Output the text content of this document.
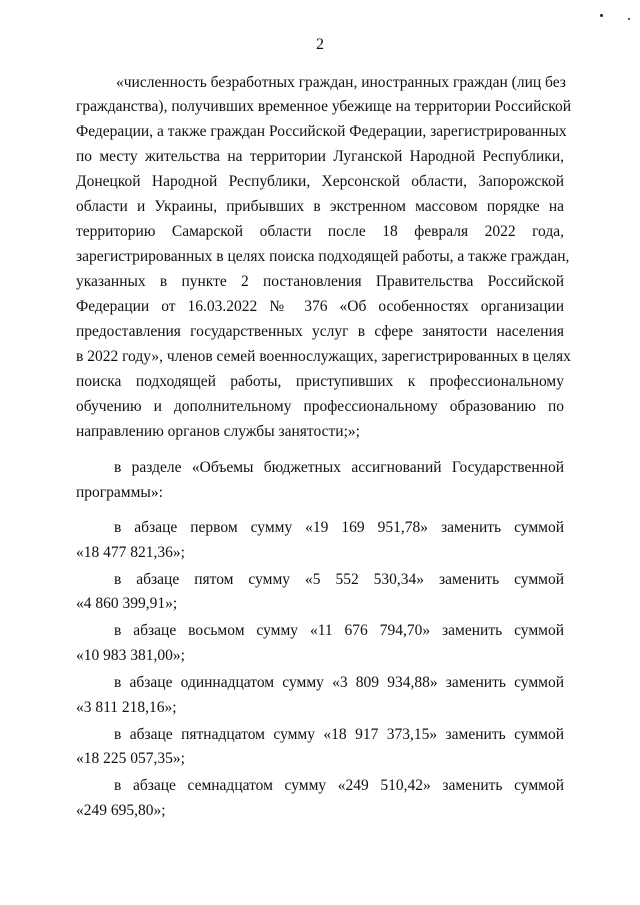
2
«численность безработных граждан, иностранных граждан (лиц без
гражданства), получивших временное убежище на территории Российской
Федерации, а также граждан Российской Федерации, зарегистрированных
по месту жительства на территории Луганской Народной Республики,
Донецкой Народной Республики, Херсонской области, Запорожской
области и Украины, прибывших в экстренном массовом порядке на
территорию Самарской области после 18 февраля 2022 года,
зарегистрированных в целях поиска подходящей работы, а также граждан,
указанных в пункте 2 постановления Правительства Российской
Федерации от 16.03.2022 № 376 «Об особенностях организации
предоставления государственных услуг в сфере занятости населения
в 2022 году», членов семей военнослужащих, зарегистрированных в целях
поиска подходящей работы, приступивших к профессиональному
обучению и дополнительному профессиональному образованию по
направлению органов службы занятости;»;
в разделе «Объемы бюджетных ассигнований Государственной
программы»:
в абзаце первом сумму «19 169 951,78» заменить суммой
«18 477 821,36»;
в абзаце пятом сумму «5 552 530,34» заменить суммой
«4 860 399,91»;
в абзаце восьмом сумму «11 676 794,70» заменить суммой
«10 983 381,00»;
в абзаце одиннадцатом сумму «3 809 934,88» заменить суммой
«3 811 218,16»;
в абзаце пятнадцатом сумму «18 917 373,15» заменить суммой
«18 225 057,35»;
в абзаце семнадцатом сумму «249 510,42» заменить суммой
«249 695,80»;
